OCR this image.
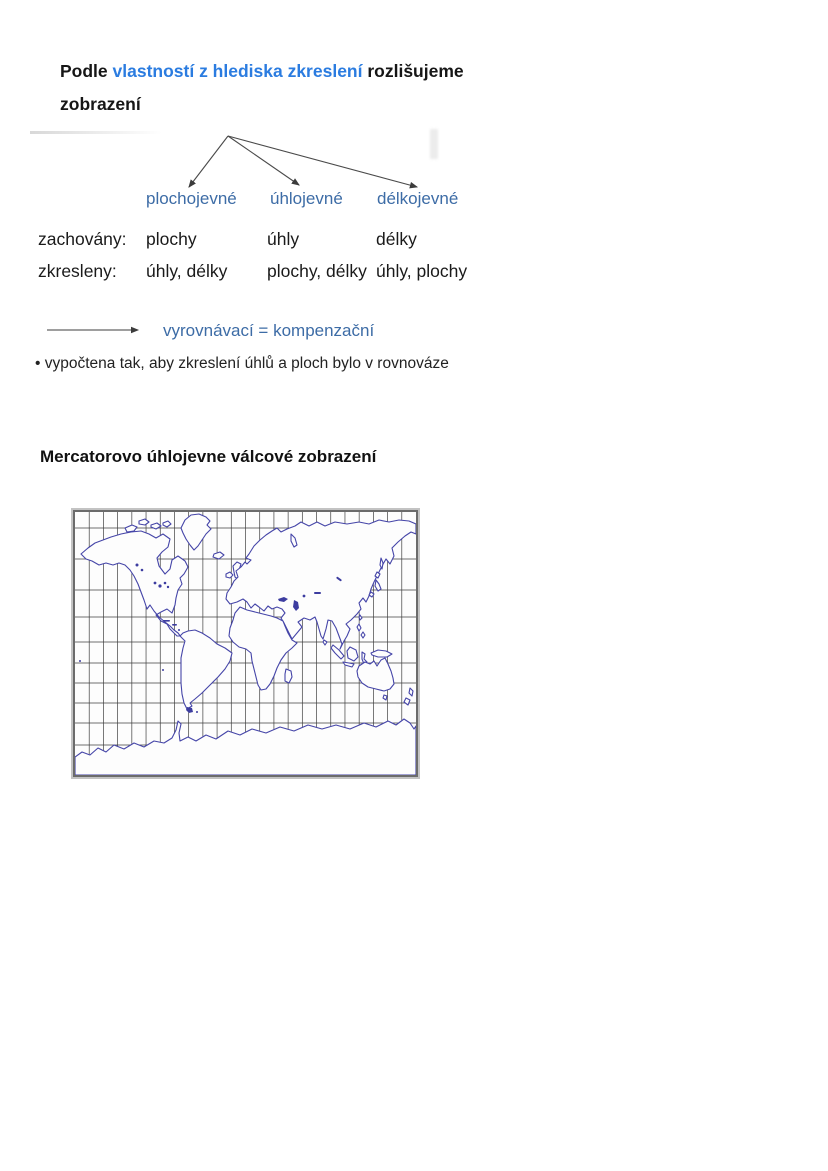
Podle vlastností z hlediska zkreslení rozlišujeme
zobrazení
plochojevné úhlojevné délkojevné
zachovány: plochy	úhly	délky
zkresleny: úhly, délky plochy, délky úhly, plochy
vyrovnávací = kompenzační
• vypočtena tak, aby zkreslení úhlů a ploch bylo v rovnováze
Mercatorovo úhlojevne válcové zobrazení
